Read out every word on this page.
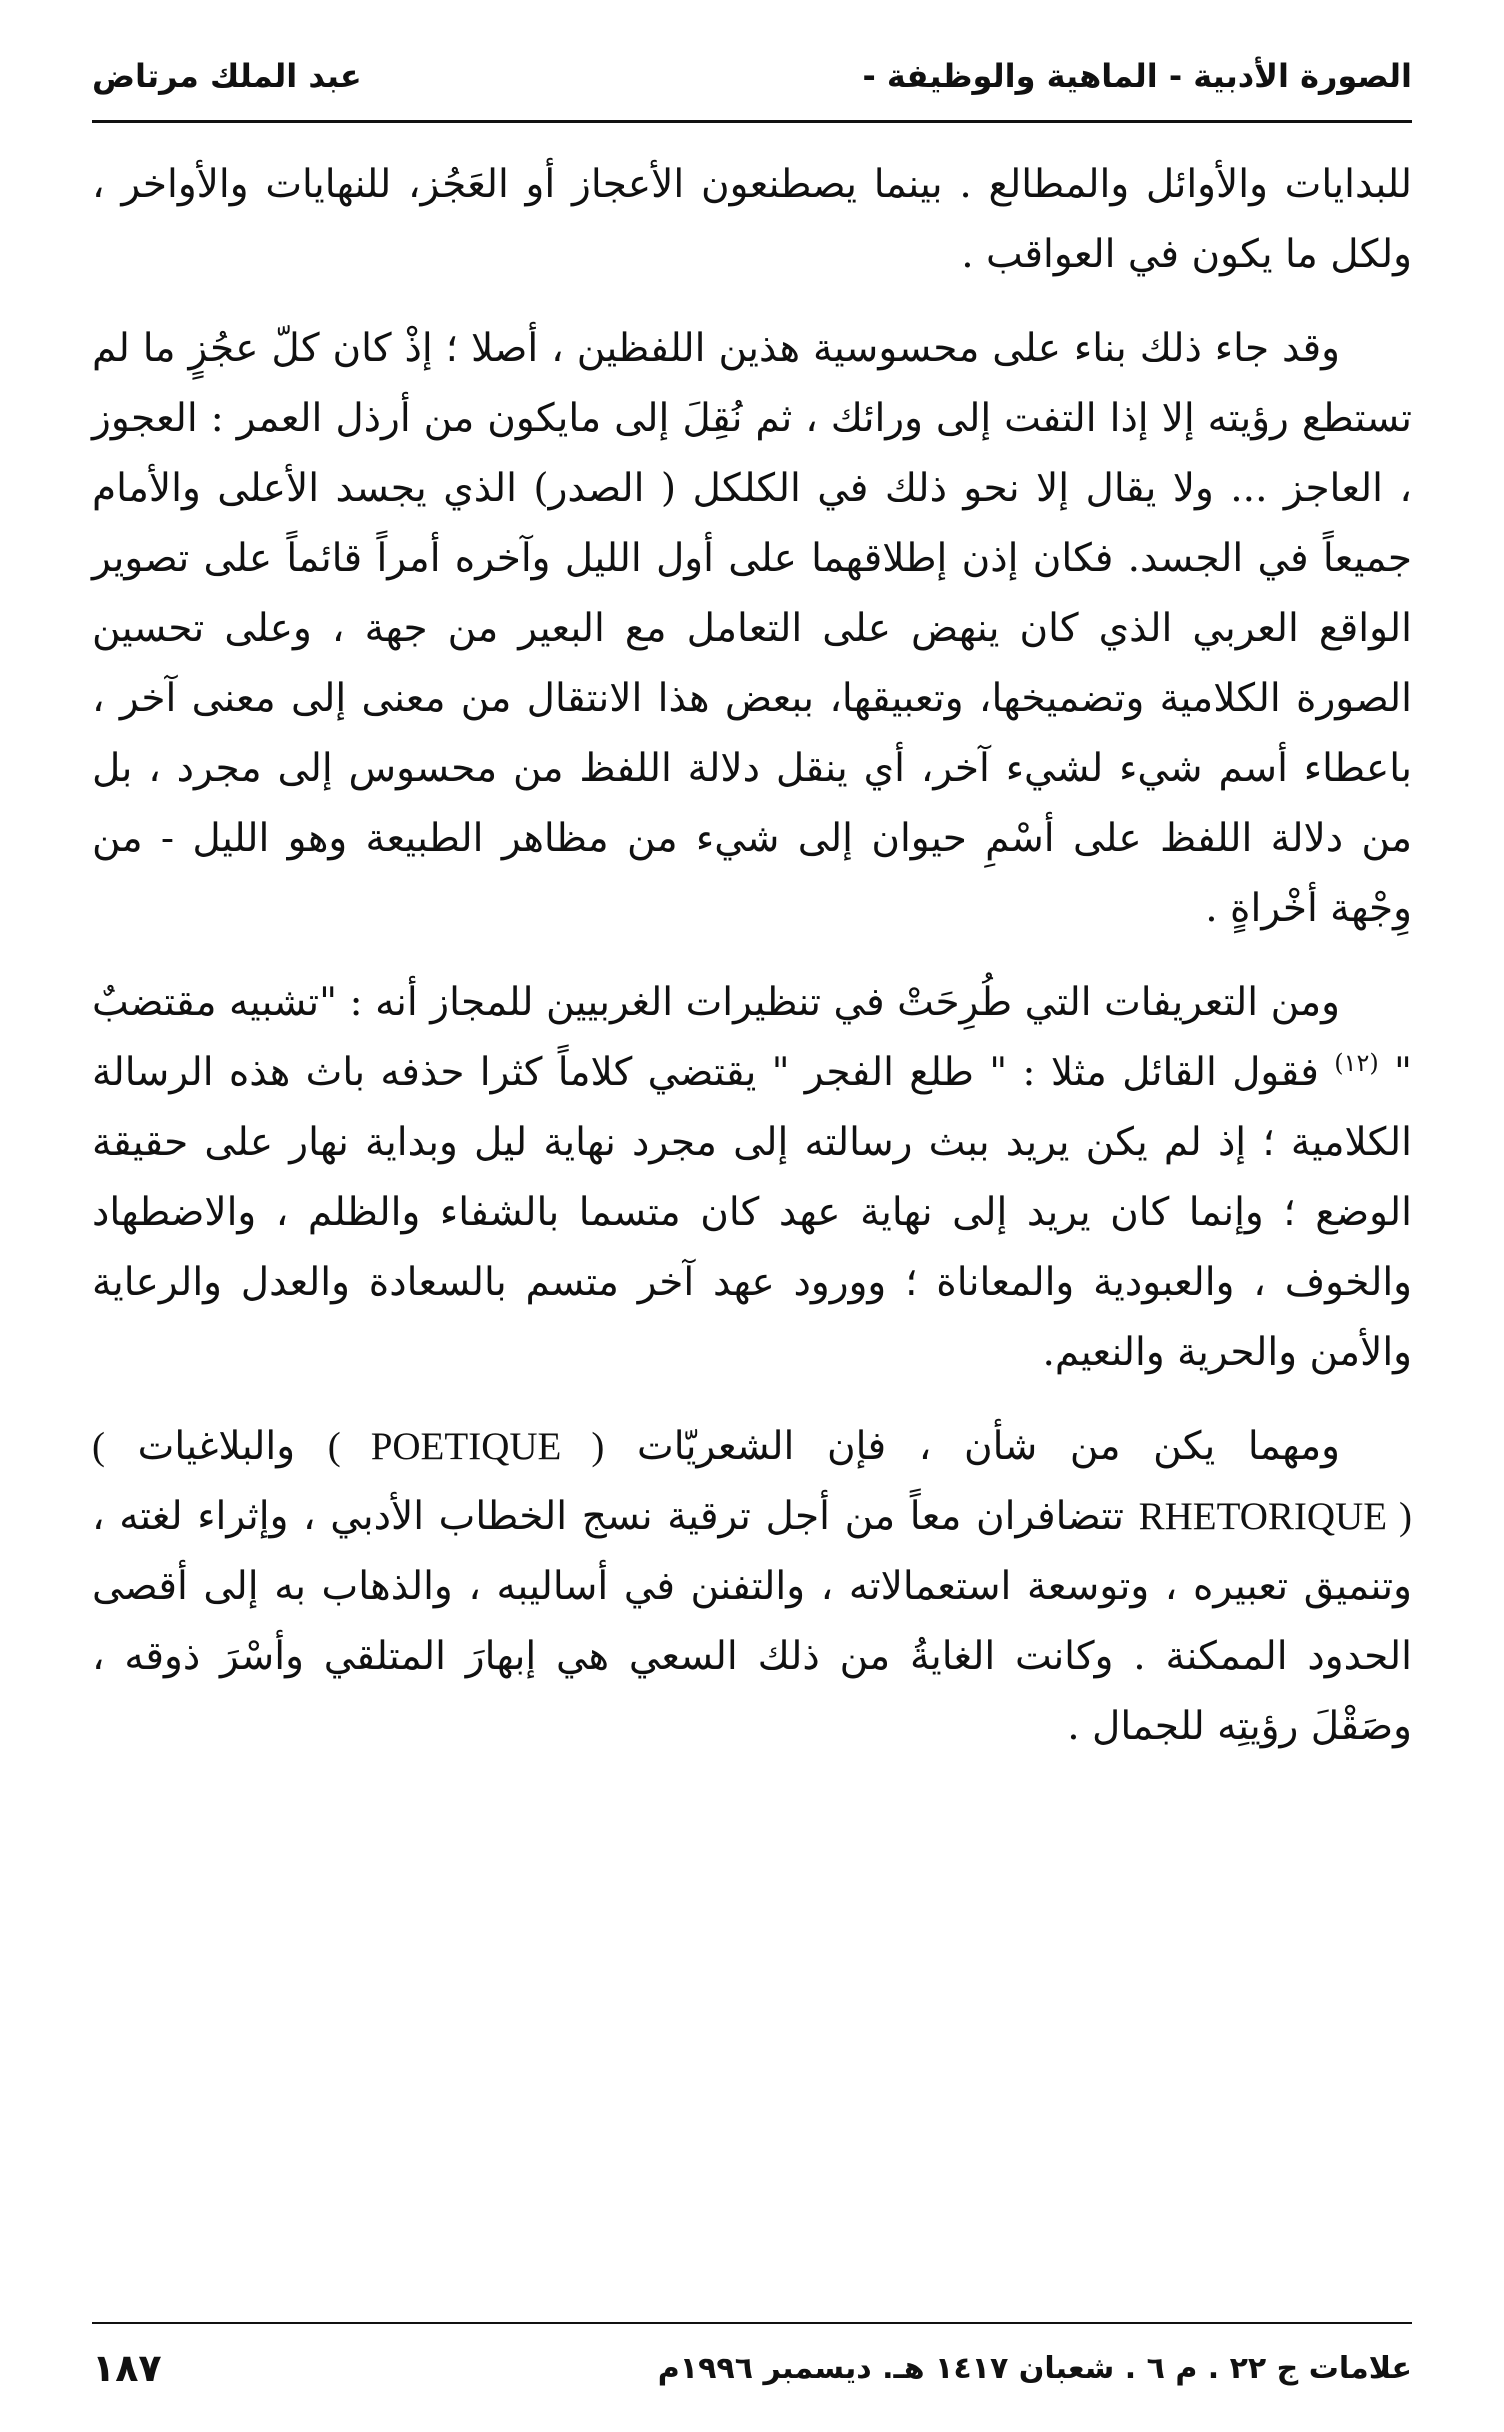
الصورة الأدبية - الماهية والوظيفة -
عبد الملك مرتاض

للبدايات والأوائل والمطالع . بينما يصطنعون الأعجاز أو العَجُز، للنهايات والأواخر ، ولكل ما يكون في العواقب .

وقد جاء ذلك بناء على محسوسية هذين اللفظين ، أصلا ؛ إذْ كان كلّ عجُزٍ ما لم تستطع رؤيته إلا إذا التفت إلى ورائك ، ثم نُقِلَ إلى مايكون من أرذل العمر : العجوز ، العاجز ... ولا يقال إلا نحو ذلك في الكلكل ( الصدر) الذي يجسد الأعلى والأمام جميعاً في الجسد. فكان إذن إطلاقهما على أول الليل وآخره أمراً قائماً على تصوير الواقع العربي الذي كان ينهض على التعامل مع البعير من جهة ، وعلى تحسين الصورة الكلامية وتضميخها، وتعبيقها، ببعض هذا الانتقال من معنى إلى معنى آخر ، باعطاء أسم شيء لشيء آخر، أي ينقل دلالة اللفظ من محسوس إلى مجرد ، بل من دلالة اللفظ على أسْمِ حيوان إلى شيء من مظاهر الطبيعة وهو الليل - من وِجْهة أخْراةٍ .

ومن التعريفات التي طُرِحَتْ في تنظيرات الغربيين للمجاز أنه : "تشبيه مقتضبٌ " $^{(١٢)}$ فقول القائل مثلا : " طلع الفجر " يقتضي كلاماً كثرا حذفه باث هذه الرسالة الكلامية ؛ إذ لم يكن يريد ببث رسالته إلى مجرد نهاية ليل وبداية نهار على حقيقة الوضع ؛ وإنما كان يريد إلى نهاية عهد كان متسما بالشفاء والظلم ، والاضطهاد والخوف ، والعبودية والمعاناة ؛ وورود عهد آخر متسم بالسعادة والعدل والرعاية والأمن والحرية والنعيم.

ومهما يكن من شأن ، فإن الشعريّات ( POETIQUE ) والبلاغيات ( RHETORIQUE ) تتضافران معاً من أجل ترقية نسج الخطاب الأدبي ، وإثراء لغته ، وتنميق تعبيره ، وتوسعة استعمالاته ، والتفنن في أساليبه ، والذهاب به إلى أقصى الحدود الممكنة . وكانت الغايةُ من ذلك السعي هي إبهارَ المتلقي وأسْرَ ذوقه ، وصَقْلَ رؤيتِه للجمال .

علامات ج ٢٢ . م ٦ . شعبان ١٤١٧ هـ. ديسمبر ١٩٩٦م
١٨٧
